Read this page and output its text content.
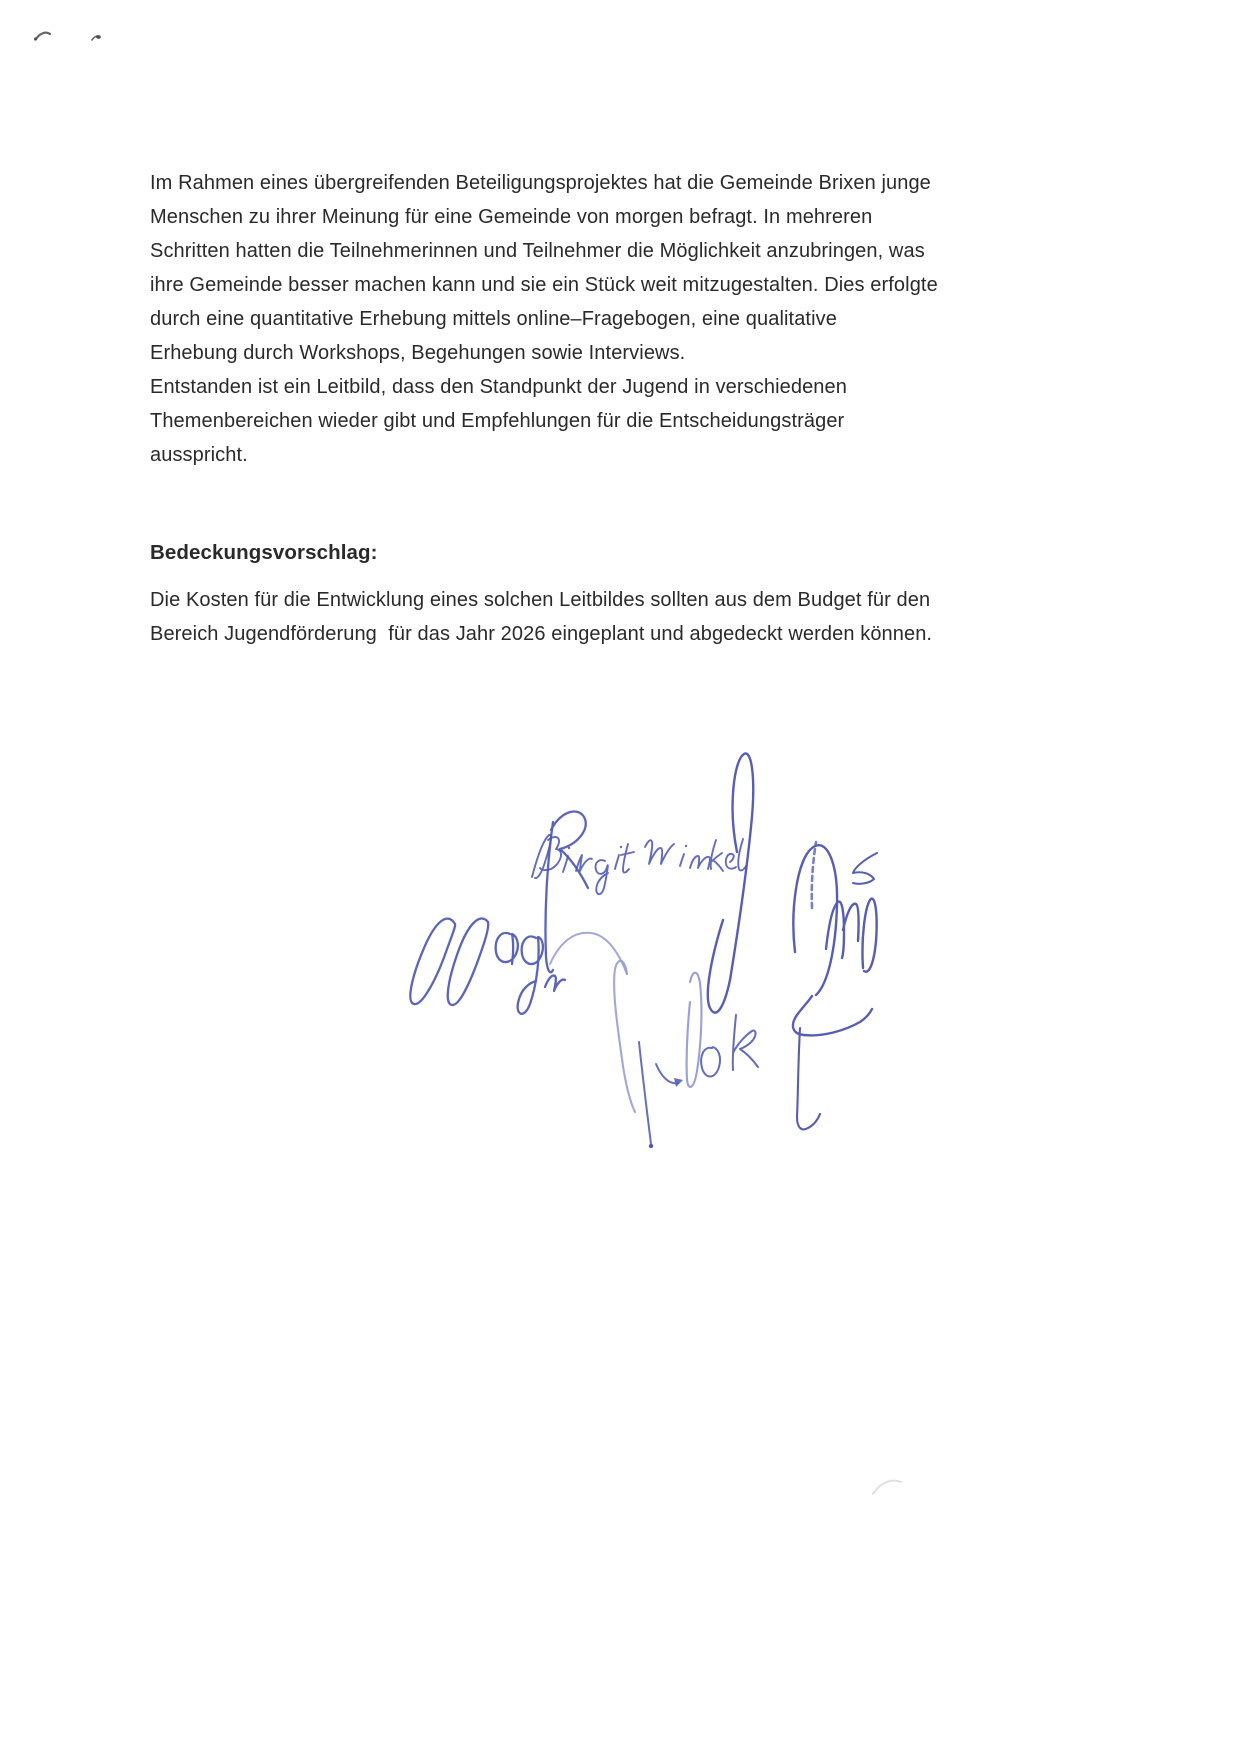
Im Rahmen eines übergreifenden Beteiligungsprojektes hat die Gemeinde Brixen junge
Menschen zu ihrer Meinung für eine Gemeinde von morgen befragt. In mehreren
Schritten hatten die Teilnehmerinnen und Teilnehmer die Möglichkeit anzubringen, was
ihre Gemeinde besser machen kann und sie ein Stück weit mitzugestalten. Dies erfolgte
durch eine quantitative Erhebung mittels online–Fragebogen, eine qualitative
Erhebung durch Workshops, Begehungen sowie Interviews.
Entstanden ist ein Leitbild, dass den Standpunkt der Jugend in verschiedenen
Themenbereichen wieder gibt und Empfehlungen für die Entscheidungsträger
ausspricht.
Bedeckungsvorschlag:
Die Kosten für die Entwicklung eines solchen Leitbildes sollten aus dem Budget für den
Bereich Jugendförderung  für das Jahr 2026 eingeplant und abgedeckt werden können.
